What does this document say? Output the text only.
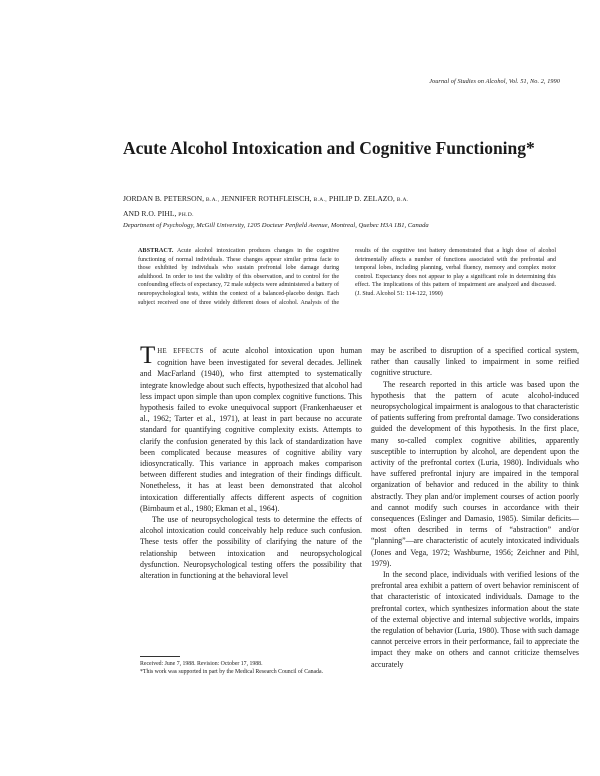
Journal of Studies on Alcohol, Vol. 51, No. 2, 1990
Acute Alcohol Intoxication and Cognitive Functioning*
JORDAN B. PETERSON, B.A., JENNIFER ROTHFLEISCH, B.A., PHILIP D. ZELAZO, B.A.
AND R.O. PIHL, PH.D.
Department of Psychology, McGill University, 1205 Docteur Penfield Avenue, Montreal, Quebec H3A 1B1, Canada
ABSTRACT. Acute alcohol intoxication produces changes in the cognitive functioning of normal individuals. These changes appear similar prima facie to those exhibited by individuals who sustain prefrontal lobe damage during adulthood. In order to test the validity of this observation, and to control for the confounding effects of expectancy, 72 male subjects were administered a battery of neuropsychological tests, within the context of a balanced-placebo design. Each subject received one of three widely different doses of alcohol. Analysis of the results of the cognitive test battery demonstrated that a high dose of alcohol detrimentally affects a number of functions associated with the prefrontal and temporal lobes, including planning, verbal fluency, memory and complex motor control. Expectancy does not appear to play a significant role in determining this effect. The implications of this pattern of impairment are analyzed and discussed. (J. Stud. Alcohol 51: 114-122, 1990)

THE EFFECTS of acute alcohol intoxication upon human cognition have been investigated for several decades. Jellinek and MacFarland (1940), who first attempted to systematically integrate knowledge about such effects, hypothesized that alcohol had less impact upon simple than upon complex cognitive functions. This hypothesis failed to evoke unequivocal support (Frankenhaeuser et al., 1962; Tarter et al., 1971), at least in part because no accurate standard for quantifying cognitive complexity exists. Attempts to clarify the confusion generated by this lack of standardization have been complicated because measures of cognitive ability vary idiosyncratically. This variance in approach makes comparison between different studies and integration of their findings difficult. Nonetheless, it has at least been demonstrated that alcohol intoxication differentially affects different aspects of cognition (Birnbaum et al., 1980; Ekman et al., 1964).

The use of neuropsychological tests to determine the effects of alcohol intoxication could conceivably help reduce such confusion. These tests offer the possibility of clarifying the nature of the relationship between intoxication and neuropsychological dysfunction. Neuropsychological testing offers the possibility that alteration in functioning at the behavioral level

may be ascribed to disruption of a specified cortical system, rather than causally linked to impairment in some reified cognitive structure.

The research reported in this article was based upon the hypothesis that the pattern of acute alcohol-induced neuropsychological impairment is analogous to that characteristic of patients suffering from prefrontal damage. Two considerations guided the development of this hypothesis. In the first place, many so-called complex cognitive abilities, apparently susceptible to interruption by alcohol, are dependent upon the activity of the prefrontal cortex (Luria, 1980). Individuals who have suffered prefrontal injury are impaired in the temporal organization of behavior and reduced in the ability to think abstractly. They plan and/or implement courses of action poorly and cannot modify such courses in accordance with their consequences (Eslinger and Damasio, 1985). Similar deficits—most often described in terms of “abstraction” and/or “planning”—are characteristic of acutely intoxicated individuals (Jones and Vega, 1972; Washburne, 1956; Zeichner and Pihl, 1979).

In the second place, individuals with verified lesions of the prefrontal area exhibit a pattern of overt behavior reminiscent of that characteristic of intoxicated individuals. Damage to the prefrontal cortex, which synthesizes information about the state of the external objective and internal subjective worlds, impairs the regulation of behavior (Luria, 1980). Those with such damage cannot perceive errors in their performance, fail to appreciate the impact they make on others and cannot criticize themselves accurately

Received: June 7, 1988. Revision: October 17, 1988.
*This work was supported in part by the Medical Research Council of Canada.
